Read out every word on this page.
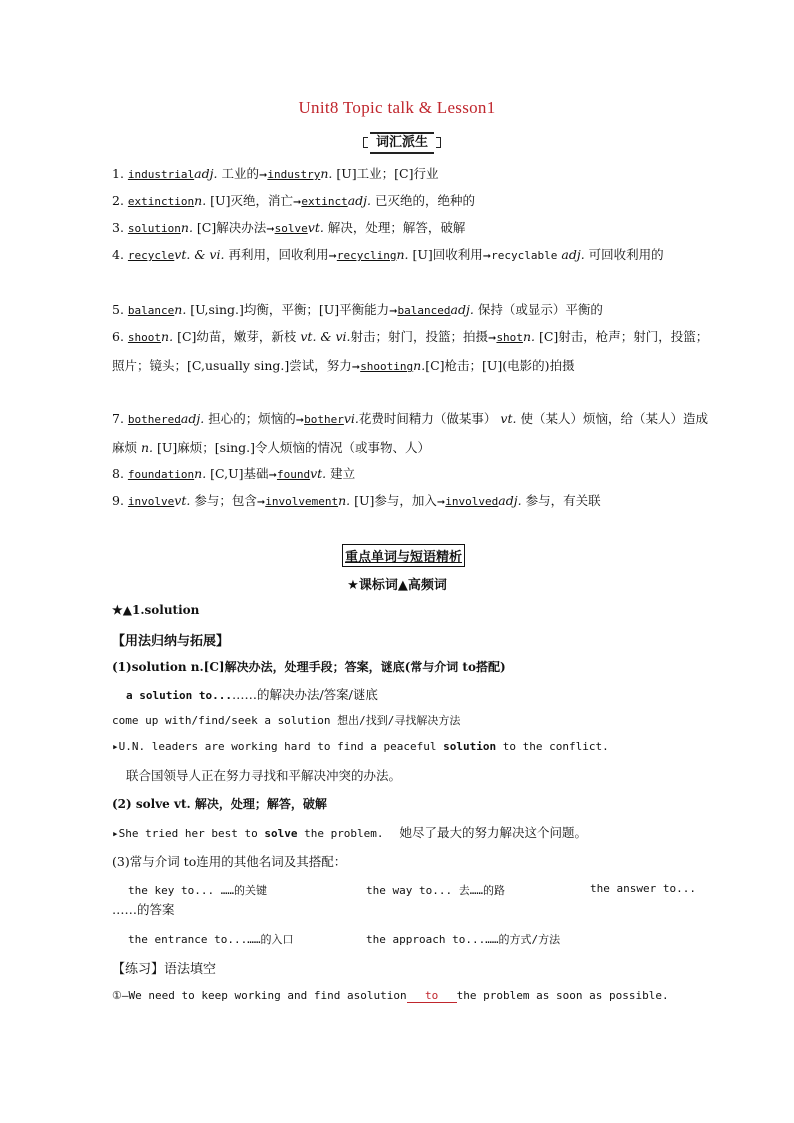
Unit8 Topic talk & Lesson1
词汇派生
1. industrialadj. 工业的➞industryn. [U]工业；[C]行业
2. extinctionn. [U]灭绝，消亡➞extinctadj. 已灭绝的，绝种的
3. solutionn. [C]解决办法➞solvevt. 解决，处理；解答，破解
4. recyclevt. & vi. 再利用，回收利用➞recyclingn. [U]回收利用➞recyclable adj. 可回收利用的
5. balancen. [U,sing.]均衡，平衡；[U]平衡能力➞balancedadj. 保持（或显示）平衡的
6. shootn. [C]幼苗，嫩芽，新枝 vt. & vi.射击；射门，投篮；拍摄➞shotn. [C]射击，枪声；射门，投篮；照片；镜头；[C,usually sing.]尝试，努力➞shootingn.[C]枪击；[U](电影的)拍摄
7. botheredadj. 担心的；烦恼的➞bothervi.花费时间精力（做某事） vt. 使（某人）烦恼，给（某人）造成麻烦 n. [U]麻烦；[sing.]令人烦恼的情况（或事物、人）
8. foundationn. [C,U]基础➞foundvt. 建立
9. involvevt. 参与；包含➞involvementn. [U]参与，加入➞involvedadj. 参与，有关联
重点单词与短语精析
★课标词▲高频词
★▲1.solution
【用法归纳与拓展】
(1)solution n.[C]解决办法，处理手段；答案，谜底(常与介词 to搭配)
a solution to...……的解决办法/答案/谜底
come up with/find/seek a solution 想出/找到/寻找解决方法
▸U.N. leaders are working hard to find a peaceful solution to the conflict.
联合国领导人正在努力寻找和平解决冲突的办法。
(2) solve vt. 解决，处理；解答，破解
▸She tried her best to solve the problem. 她尽了最大的努力解决这个问题。
(3)常与介词 to连用的其他名词及其搭配：
the key to... ……的关键	the way to... 去……的路	the answer to...
……的答案
the entrance to...……的入口	the approach to...……的方式/方法
【练习】语法填空
①—We need to keep working and find asolution to the problem as soon as possible.
